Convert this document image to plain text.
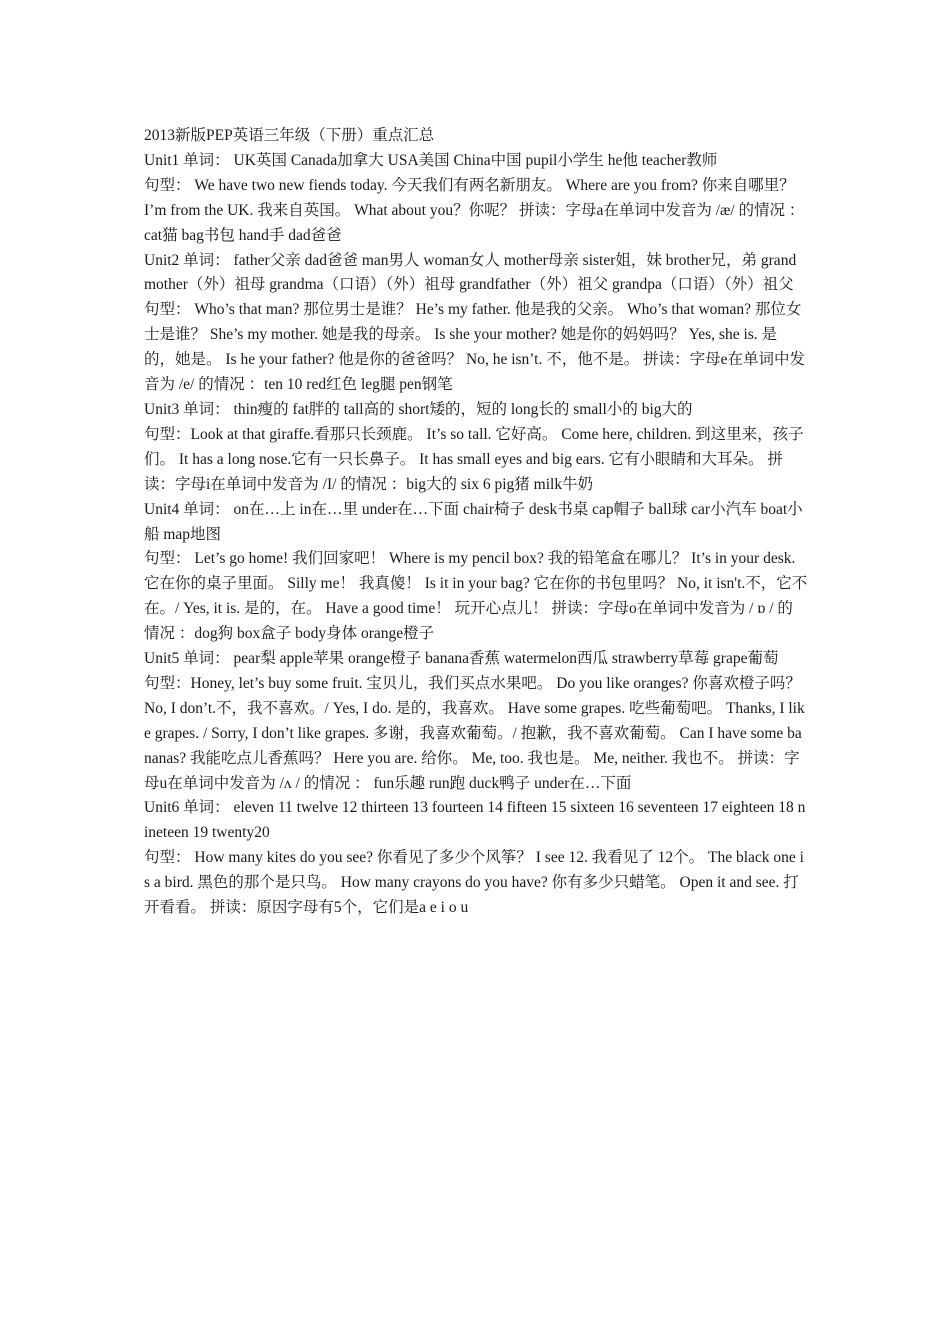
2013新版PEP英语三年级（下册）重点汇总

Unit1 单词： UK英国 Canada加拿大 USA美国 China中国 pupil小学生 he他 teacher教师

句型： We have two new fiends today. 今天我们有两名新朋友。 Where are you from? 你来自哪里？ I’m from the UK. 我来自英国。 What about you？你呢？ 拼读：字母a在单词中发音为 /æ/ 的情况 ：cat猫 bag书包 hand手 dad爸爸

Unit2 单词： father父亲 dad爸爸 man男人 woman女人 mother母亲 sister姐，妹 brother兄，弟 grandmother（外）祖母 grandma（口语）（外）祖母 grandfather（外）祖父 grandpa（口语）（外）祖父

句型： Who’s that man? 那位男士是谁？ He’s my father. 他是我的父亲。 Who’s that woman? 那位女士是谁？ She’s my mother. 她是我的母亲。 Is she your mother? 她是你的妈妈吗？ Yes, she is. 是的，她是。 Is he your father? 他是你的爸爸吗？ No, he isn’t. 不，他不是。 拼读：字母e在单词中发音为 /e/ 的情况 ：ten 10 red红色 leg腿 pen钢笔

Unit3 单词： thin瘦的 fat胖的 tall高的 short矮的，短的 long长的 small小的 big大的

句型：Look at that giraffe.看那只长颈鹿。 It’s so tall. 它好高。 Come here, children. 到这里来，孩子们。 It has a long nose.它有一只长鼻子。 It has small eyes and big ears. 它有小眼睛和大耳朵。 拼读：字母i在单词中发音为 /I/ 的情况 ：big大的 six 6 pig猪 milk牛奶

Unit4 单词： on在…上 in在…里 under在…下面 chair椅子 desk书桌 cap帽子 ball球 car小汽车 boat小船 map地图

句型： Let’s go home! 我们回家吧！ Where is my pencil box? 我的铅笔盒在哪儿？ It’s in your desk. 它在你的桌子里面。 Silly me！ 我真傻！ Is it in your bag? 它在你的书包里吗？ No, it isn't.不，它不在。/ Yes, it is. 是的，在。 Have a good time！ 玩开心点儿！ 拼读：字母o在单词中发音为 / ɒ / 的情况 ：dog狗 box盒子 body身体 orange橙子

Unit5 单词： pear梨 apple苹果 orange橙子 banana香蕉 watermelon西瓜 strawberry草莓 grape葡萄

句型：Honey, let’s buy some fruit. 宝贝儿，我们买点水果吧。 Do you like oranges? 你喜欢橙子吗？ No, I don’t.不，我不喜欢。/ Yes, I do. 是的，我喜欢。 Have some grapes. 吃些葡萄吧。 Thanks, I like grapes. / Sorry, I don’t like grapes. 多谢，我喜欢葡萄。/ 抱歉，我不喜欢葡萄。 Can I have some bananas? 我能吃点儿香蕉吗？ Here you are. 给你。 Me, too. 我也是。 Me, neither. 我也不。 拼读：字母u在单词中发音为 /ʌ / 的情况 ： fun乐趣 run跑 duck鸭子 under在…下面

Unit6 单词： eleven 11 twelve 12 thirteen 13 fourteen 14 fifteen 15 sixteen 16 seventeen 17 eighteen 18 nineteen 19 twenty20

句型： How many kites do you see? 你看见了多少个风筝？ I see 12. 我看见了 12个。 The black one is a bird. 黑色的那个是只鸟。 How many crayons do you have? 你有多少只蜡笔。 Open it and see. 打开看看。 拼读：原因字母有5个，它们是a e i o u
